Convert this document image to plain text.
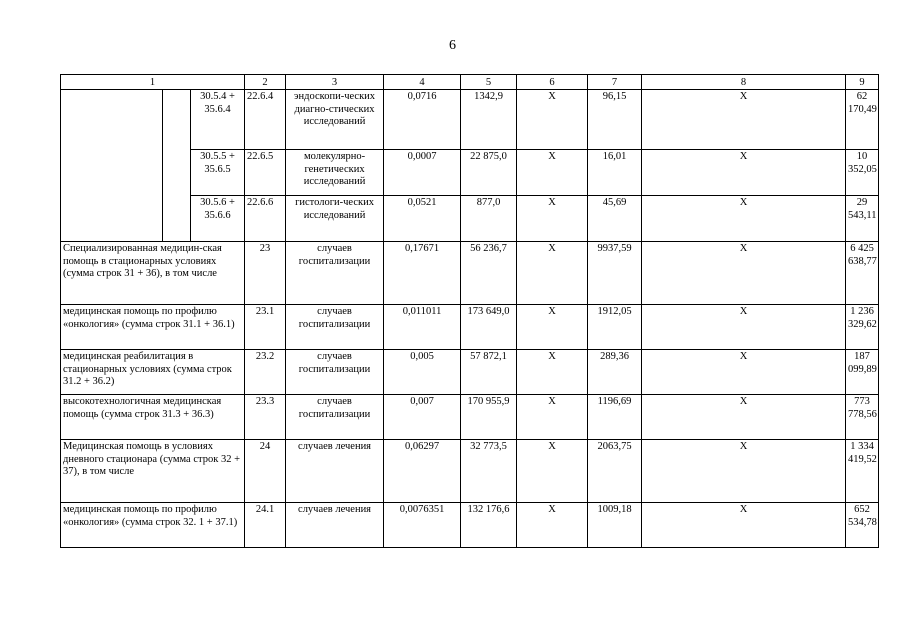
6
1			2	3	4	5	6	7	8	9	
		30.5.4 + 35.6.4	22.6.4	эндоскопи-ческих диагно-стических исследований	0,0716	1342,9	Х	96,15	Х	62 170,49	
		30.5.5 + 35.6.5	22.6.5	молекулярно-генетических исследований	0,0007	22 875,0	Х	16,01	Х	10 352,05	
		30.5.6 + 35.6.6	22.6.6	гистологи-ческих исследований	0,0521	877,0	Х	45,69	Х	29 543,11	
Специализированная медицин-ская помощь в стационарных условиях (сумма строк 31 + 36), в том числе			23	случаев госпитализации	0,17671	56 236,7	Х	9937,59	Х	6 425 638,77	
медицинская помощь по профилю «онкология» (сумма строк 31.1 + 36.1)			23.1	случаев госпитализации	0,011011	173 649,0	Х	1912,05	Х	1 236 329,62	
медицинская реабилитация в стационарных условиях (сумма строк 31.2 + 36.2)			23.2	случаев госпитализации	0,005	57 872,1	Х	289,36	Х	187 099,89	
высокотехнологичная медицинская помощь (сумма строк 31.3 + 36.3)			23.3	случаев госпитализации	0,007	170 955,9	Х	1196,69	Х	773 778,56	
Медицинская помощь в условиях дневного стационара (сумма строк 32 + 37), в том числе			24	случаев лечения	0,06297	32 773,5	Х	2063,75	Х	1 334 419,52	
медицинская помощь по профилю «онкология» (сумма строк 32. 1 + 37.1)			24.1	случаев лечения	0,0076351	132 176,6	Х	1009,18	Х	652 534,78	
